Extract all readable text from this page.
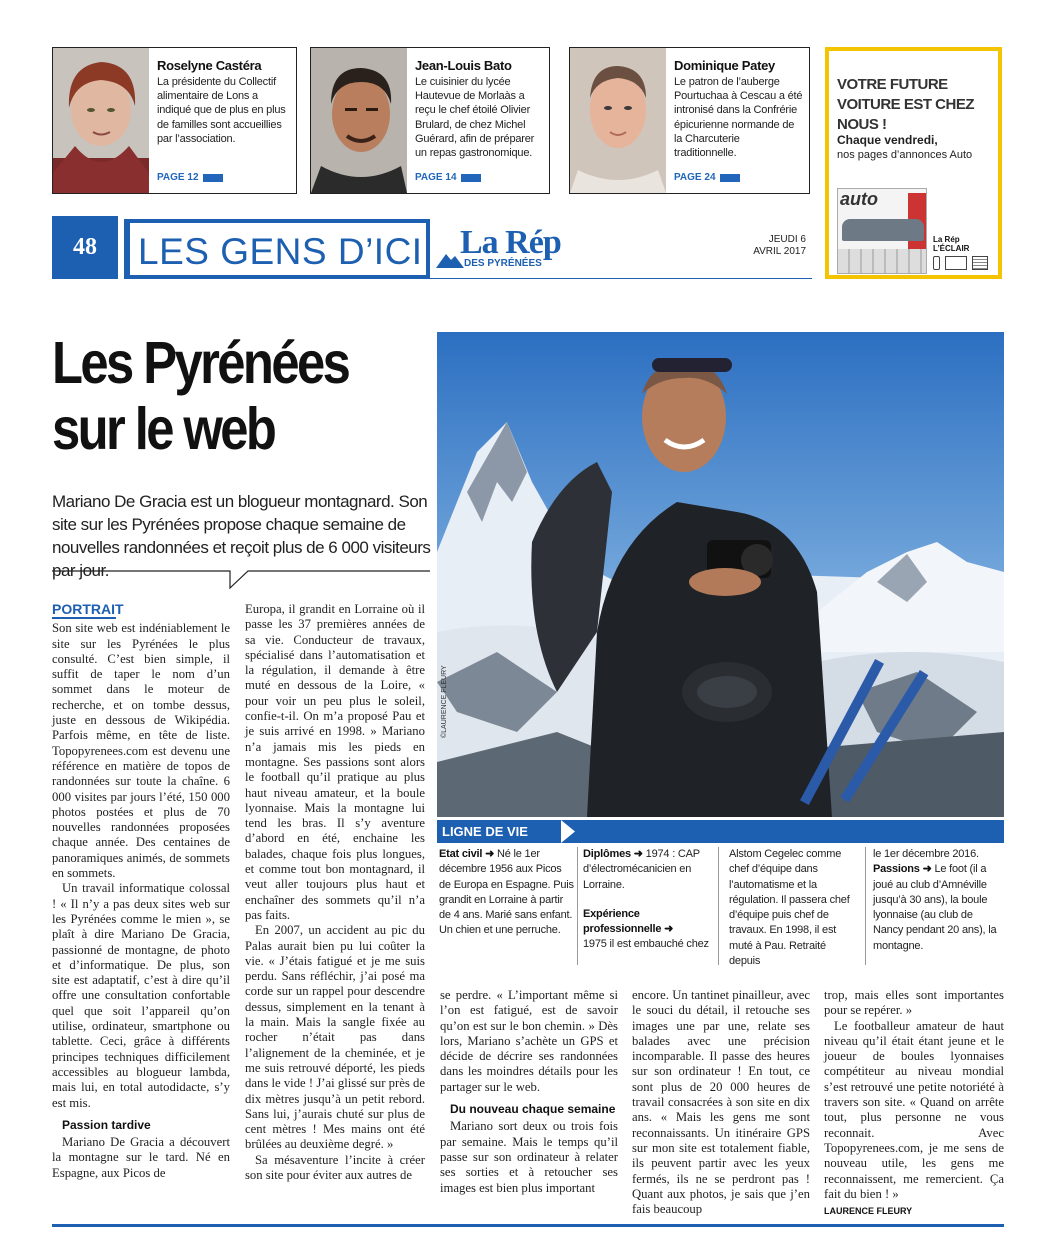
Roselyne Castéra
La présidente du Collectif alimentaire de Lons a indiqué que de plus en plus de familles sont accueillies par l’association.
PAGE 12
Jean-Louis Bato
Le cuisinier du lycée Hautevue de Morlaàs a reçu le chef étoilé Olivier Brulard, de chez Michel Guérard, afin de préparer un repas gastronomique.
PAGE 14
Dominique Patey
Le patron de l’auberge Pourtuchaa à Cescau a été intronisé dans la Confrérie épicurienne normande de la Charcuterie traditionnelle.
PAGE 24
VOTRE FUTURE VOITURE EST CHEZ NOUS !
Chaque vendredi,
nos pages d’annonces Auto
auto
La Rép L’ÉCLAIR
48	LES GENS D’ICI La Rép
DES PYRÉNÉES
JEUDI 6
AVRIL 2017
Les Pyrénées
sur le web
Mariano De Gracia est un blogueur montagnard. Son site sur les Pyrénées propose chaque semaine de nouvelles randonnées et reçoit plus de 6 000 visiteurs par jour.
©LAURENCE FLEURY
LIGNE DE VIE
Etat civil ➜ Né le 1er décembre 1956 aux Picos de Europa en Espagne. Puis grandit en Lorraine à partir de 4 ans. Marié sans enfant. Un chien et une perruche.
Diplômes ➜ 1974 : CAP d’électromécanicien en Lorraine.
Expérience professionnelle ➜
1975 il est embauché chez
Alstom Cegelec comme chef d’équipe dans l’automatisme et la régulation. Il passera chef d’équipe puis chef de travaux. En 1998, il est muté à Pau. Retraité depuis
le 1er décembre 2016.
Passions ➜ Le foot (il a joué au club d’Amnéville jusqu’à 30 ans), la boule lyonnaise (au club de Nancy pendant 20 ans), la montagne.
PORTRAIT

Son site web est indéniablement le site sur les Pyrénées le plus consulté. C’est bien simple, il suffit de taper le nom d’un sommet dans le moteur de recherche, et on tombe dessus, juste en dessous de Wikipédia. Parfois même, en tête de liste. Topopyrenees.com est devenu une référence en matière de topos de randonnées sur toute la chaîne. 6 000 visites par jours l’été, 150 000 photos postées et plus de 70 nouvelles randonnées proposées chaque année. Des centaines de panoramiques animés, de sommets en sommets.

Un travail informatique colossal ! « Il n’y a pas deux sites web sur les Pyrénées comme le mien », se plaît à dire Mariano De Gracia, passionné de montagne, de photo et d’informatique. De plus, son site est adaptatif, c’est à dire qu’il offre une consultation confortable quel que soit l’appareil qu’on utilise, ordinateur, smartphone ou tablette. Ceci, grâce à différents principes techniques difficilement accessibles au blogueur lambda, mais lui, en total autodidacte, s’y est mis.

Passion tardive

Mariano De Gracia a découvert la montagne sur le tard. Né en Espagne, aux Picos de

Europa, il grandit en Lorraine où il passe les 37 premières années de sa vie. Conducteur de travaux, spécialisé dans l’automatisation et la régulation, il demande à être muté en dessous de la Loire, « pour voir un peu plus le soleil, confie-t-il. On m’a proposé Pau et je suis arrivé en 1998. » Mariano n’a jamais mis les pieds en montagne. Ses passions sont alors le football qu’il pratique au plus haut niveau amateur, et la boule lyonnaise. Mais la montagne lui tend les bras. Il s’y aventure d’abord en été, enchaine les balades, chaque fois plus longues, et comme tout bon montagnard, il veut aller toujours plus haut et enchaîner des sommets qu’il n’a pas faits.

En 2007, un accident au pic du Palas aurait bien pu lui coûter la vie. « J’étais fatigué et je me suis perdu. Sans réfléchir, j’ai posé ma corde sur un rappel pour descendre dessus, simplement en la tenant à la main. Mais la sangle fixée au rocher n’était pas dans l’alignement de la cheminée, et je me suis retrouvé déporté, les pieds dans le vide ! J’ai glissé sur près de dix mètres jusqu’à un petit rebord. Sans lui, j’aurais chuté sur plus de cent mètres ! Mes mains ont été brûlées au deuxième degré. »

Sa mésaventure l’incite à créer son site pour éviter aux autres de

se perdre. « L’important même si l’on est fatigué, est de savoir qu’on est sur le bon chemin. » Dès lors, Mariano s’achète un GPS et décide de décrire ses randonnées dans les moindres détails pour les partager sur le web.

Du nouveau chaque semaine

Mariano sort deux ou trois fois par semaine. Mais le temps qu’il passe sur son ordinateur à relater ses sorties et à retoucher ses images est bien plus important

encore. Un tantinet pinailleur, avec le souci du détail, il retouche ses images une par une, relate ses balades avec une précision incomparable. Il passe des heures sur son ordinateur ! En tout, ce sont plus de 20 000 heures de travail consacrées à son site en dix ans. « Mais les gens me sont reconnaissants. Un itinéraire GPS sur mon site est totalement fiable, ils peuvent partir avec les yeux fermés, ils ne se perdront pas ! Quant aux photos, je sais que j’en fais beaucoup

trop, mais elles sont importantes pour se repérer. »

Le footballeur amateur de haut niveau qu’il était étant jeune et le joueur de boules lyonnaises compétiteur au niveau mondial s’est retrouvé une petite notoriété à travers son site. « Quand on arrête tout, plus personne ne vous reconnait. Avec Topopyrenees.com, je me sens de nouveau utile, les gens me reconnaissent, me remercient. Ça fait du bien ! »

LAURENCE FLEURY
